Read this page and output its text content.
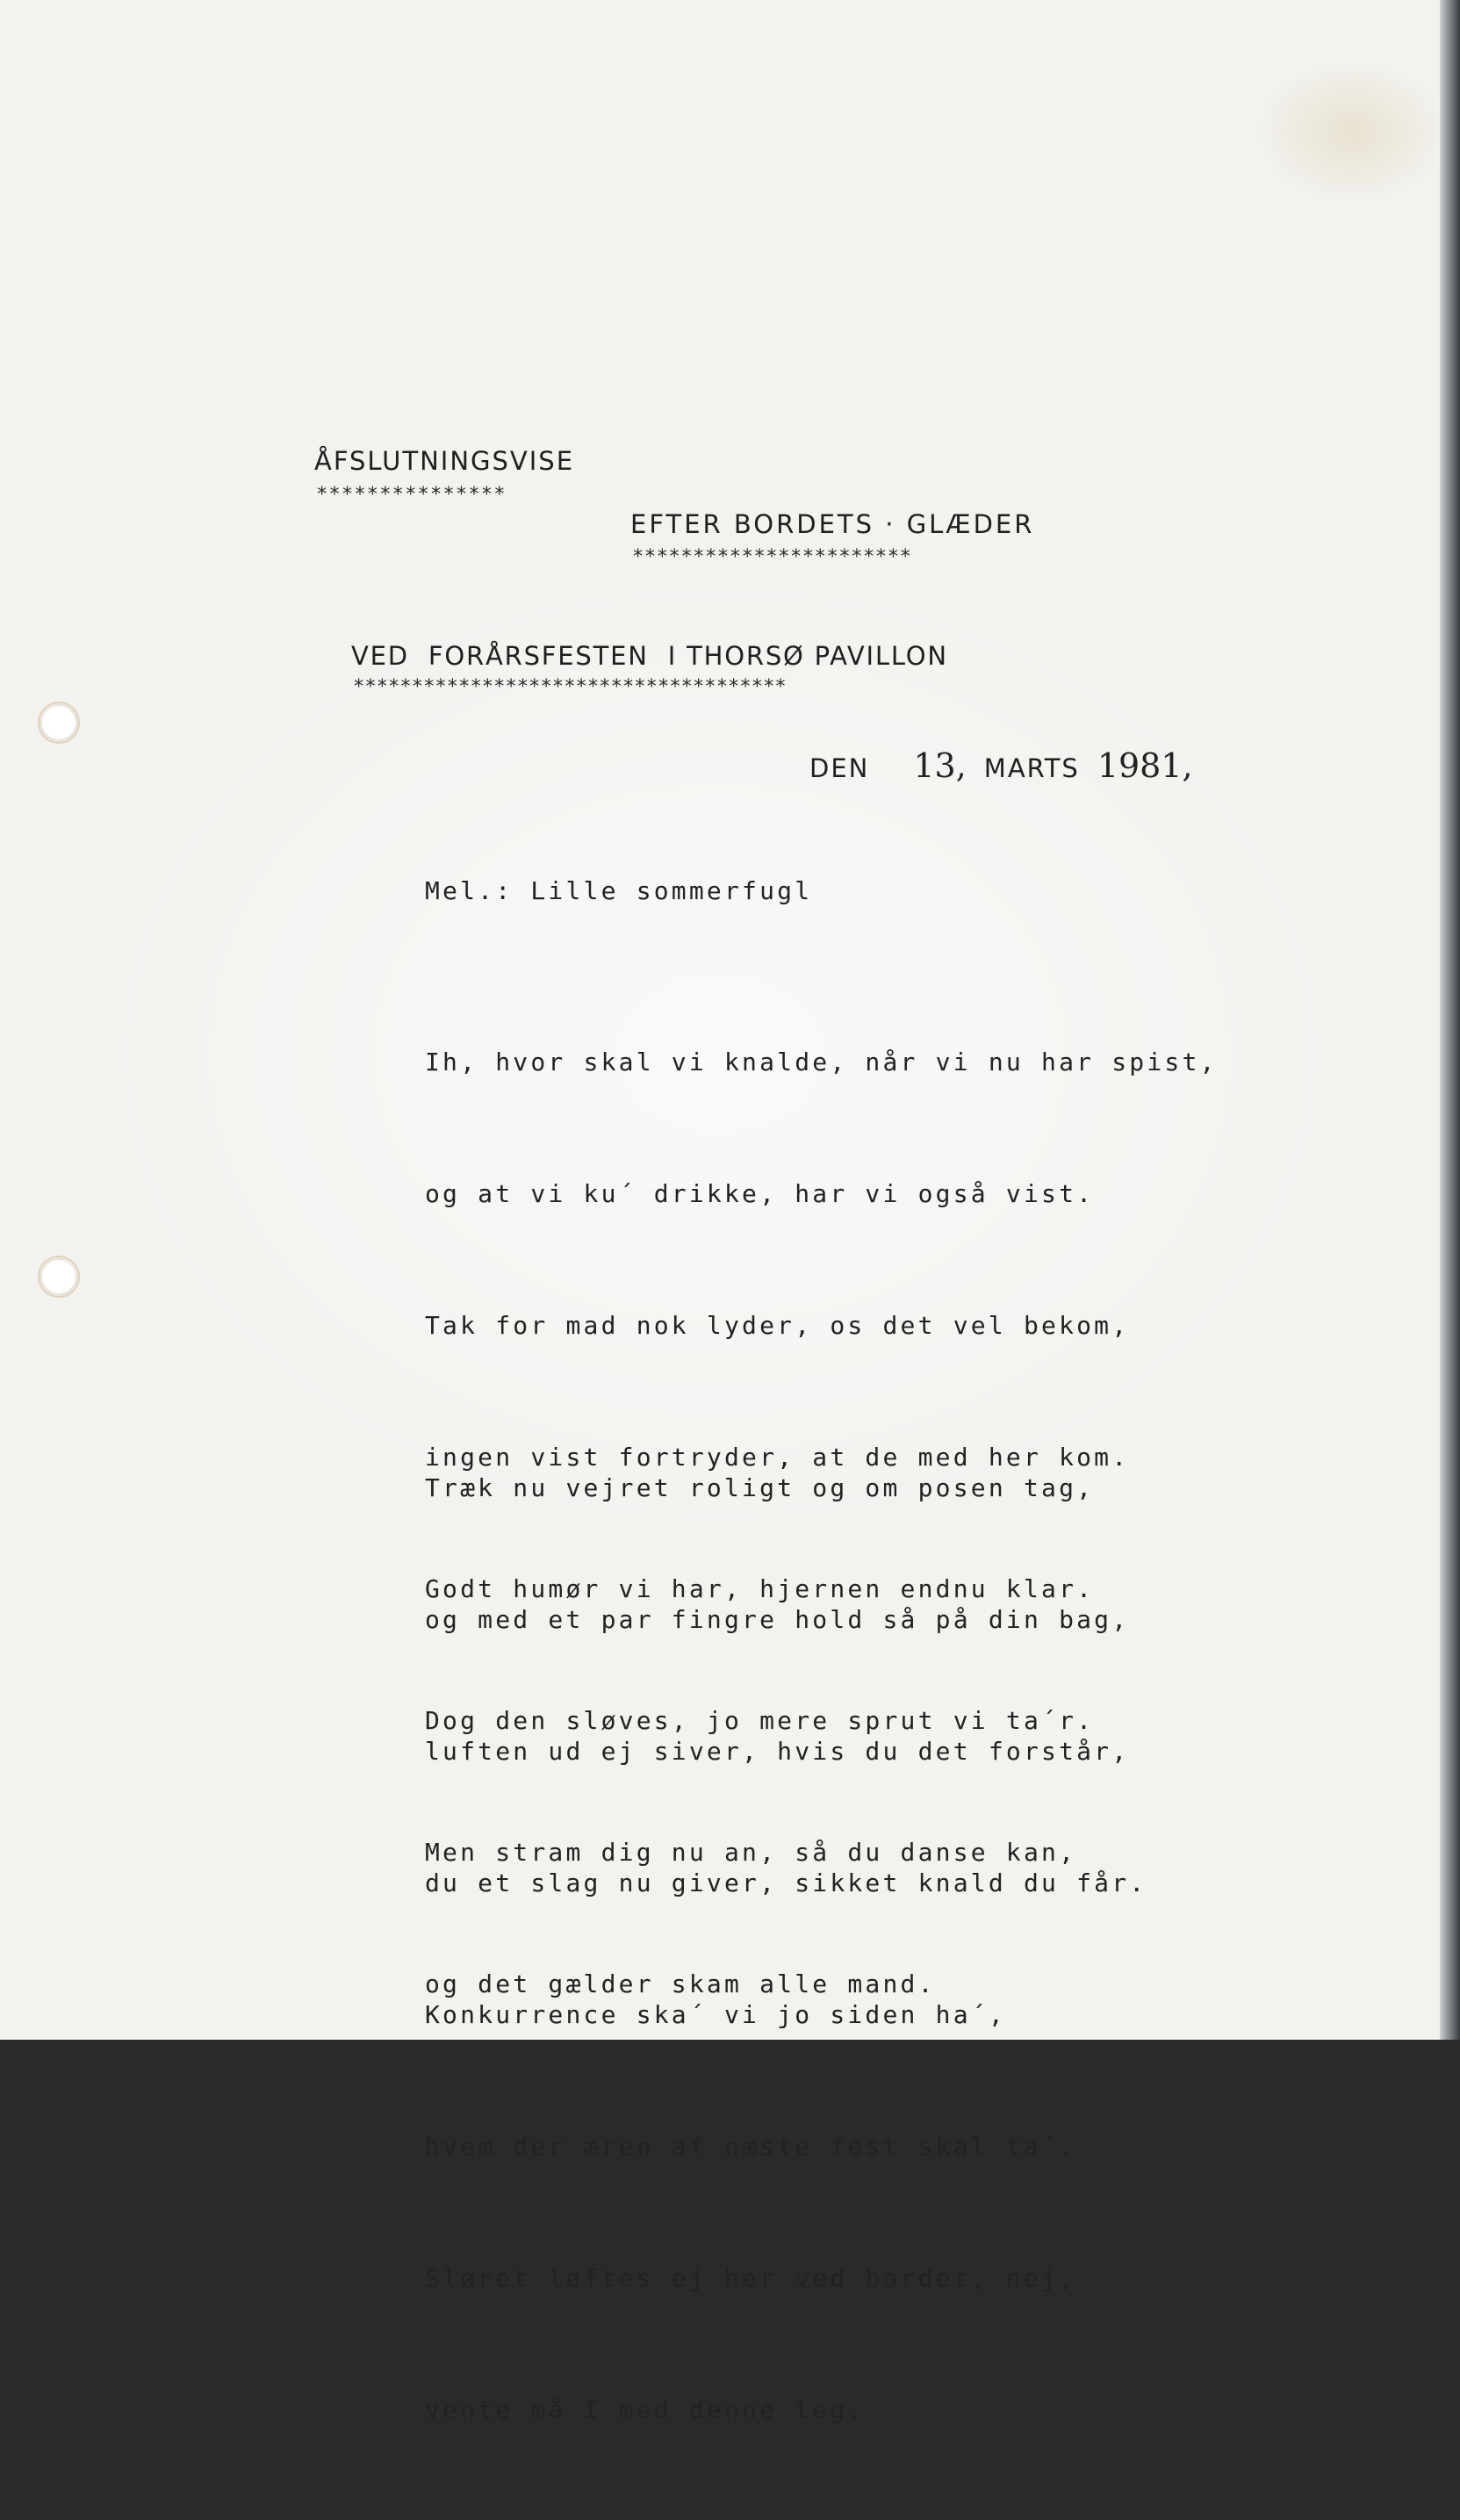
ÅFSLUTNINGSVISE

***************

EFTER BORDETS · GLÆDER

***********************

VED  FORÅRSFESTEN  I THORSØ PAVILLON

*************************************

DEN 13, MARTS 1981,

Mel.: Lille sommerfugl

Ih, hvor skal vi knalde, når vi nu har spist,

og at vi ku´ drikke, har vi også vist.

Tak for mad nok lyder, os det vel bekom,

ingen vist fortryder, at de med her kom.

Godt humør vi har, hjernen endnu klar.

Dog den sløves, jo mere sprut vi ta´r.

Men stram dig nu an, så du danse kan,

og det gælder skam alle mand.

Træk nu vejret roligt og om posen tag,

og med et par fingre hold så på din bag,

luften ud ej siver, hvis du det forstår,

du et slag nu giver, sikket knald du får.

Konkurrence ska´ vi jo siden ha´,

hvem der æren af næste fest skal ta´.

Sløret løftes ej her ved bordet, nej,

vente må I med denne leg.
